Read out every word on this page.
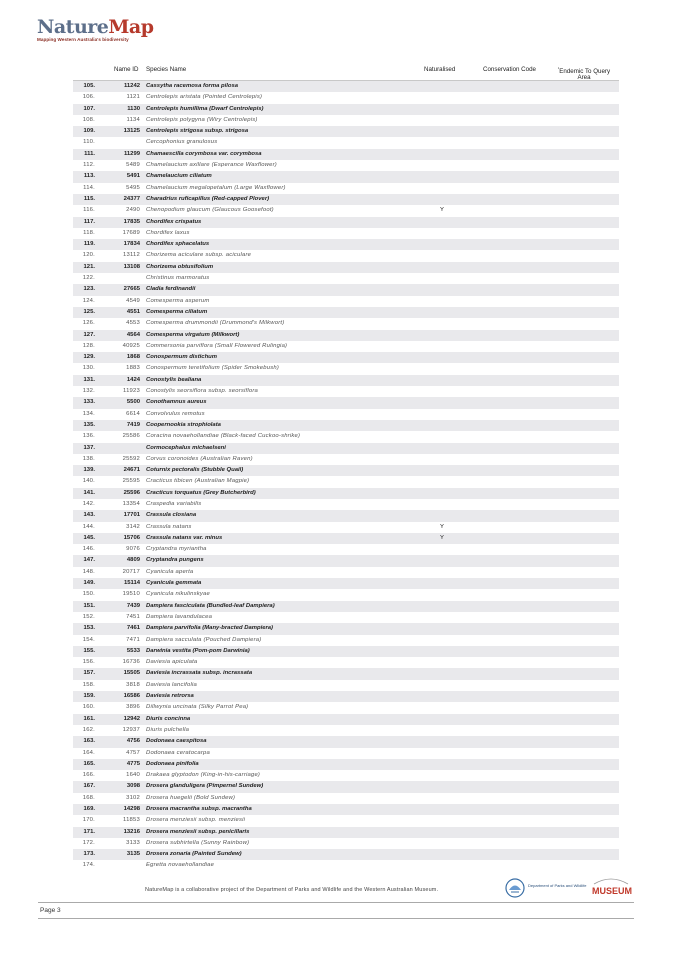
NatureMap
Mapping Western Australia's biodiversity
Name ID Species Name	Naturalised	Conservation Code	$^{^1}$Endemic To Query Area
105.	11242 Cassytha racemosa forma pilosa
106.	1121 Centrolepis aristata (Pointed Centrolepis)
107.	1130 Centrolepis humillima (Dwarf Centrolepis)
108.	1134 Centrolepis polygyna (Wiry Centrolepis)
109.	13125 Centrolepis strigosa subsp. strigosa
110.	Cercophonius granulosus
111.	11299 Chamaescilla corymbosa var. corymbosa
112.	5489 Chamelaucium axillare (Esperance Waxflower)
113.	5491 Chamelaucium ciliatum
114.	5495 Chamelaucium megalopetalum (Large Waxflower)
115.	24377 Charadrius ruficapillus (Red-capped Plover)
116.	2490 Chenopodium glaucum (Glaucous Goosefoot)	Y
117.	17835 Chordifex crispatus
118.	17689 Chordifex laxus
119.	17834 Chordifex sphacelatus
120.	13112 Chorizema aciculare subsp. aciculare
121.	13108 Chorizema obtusifolium
122.	Christinus marmoratus
123.	27665 Cladia ferdinandii
124.	4549 Comesperma asperum
125.	4551 Comesperma ciliatum
126.	4553 Comesperma drummondii (Drummond's Milkwort)
127.	4564 Comesperma virgatum (Milkwort)
128.	40925 Commersonia parviflora (Small Flowered Rulingia)
129.	1868 Conospermum distichum
130.	1883 Conospermum teretifolium (Spider Smokebush)
131.	1424 Conostylis bealiana
132.	11923 Conostylis seorsiflora subsp. seorsiflora
133.	5500 Conothamnus aureus
134.	6614 Convolvulus remotus
135.	7419 Coopernookia strophiolata
136.	25586 Coracina novaehollandiae (Black-faced Cuckoo-shrike)
137.	Cormocephalus michaelseni
138.	25592 Corvus coronoides (Australian Raven)
139.	24671 Coturnix pectoralis (Stubble Quail)
140.	25595 Cracticus tibicen (Australian Magpie)
141.	25596 Cracticus torquatus (Grey Butcherbird)
142.	13354 Craspedia variabilis
143.	17701 Crassula closiana
144.	3142 Crassula natans	Y
145.	15706 Crassula natans var. minus	Y
146.	9076 Cryptandra myriantha
147.	4809 Cryptandra pungens
148.	20717 Cyanicula aperta
149.	15114 Cyanicula gemmata
150.	19510 Cyanicula nikulinskyae
151.	7439 Dampiera fasciculata (Bundled-leaf Dampiera)
152.	7451 Dampiera lavandulacea
153.	7461 Dampiera parvifolia (Many-bracted Dampiera)
154.	7471 Dampiera sacculata (Pouched Dampiera)
155.	5533 Darwinia vestita (Pom-pom Darwinia)
156.	16736 Daviesia apiculata
157.	15505 Daviesia incrassata subsp. incrassata
158.	3818 Daviesia lancifolia
159.	16586 Daviesia retrorsa
160.	3896 Dillwynia uncinata (Silky Parrot Pea)
161.	12942 Diuris concinna
162.	12937 Diuris pulchella
163.	4756 Dodonaea caespitosa
164.	4757 Dodonaea ceratocarpa
165.	4775 Dodonaea pinifolia
166.	1640 Drakaea glyptodon (King-in-his-carriage)
167.	3098 Drosera glanduligera (Pimpernel Sundew)
168.	3102 Drosera huegelii (Bold Sundew)
169.	14298 Drosera macrantha subsp. macrantha
170.	11853 Drosera menziesii subsp. menziesii
171.	13216 Drosera menziesii subsp. penicillaris
172.	3133 Drosera subhirtella (Sunny Rainbow)
173.	3135 Drosera zonaria (Painted Sundew)
174.	Egretta novaehollandiae
NatureMap is a collaborative project of the Department of Parks and Wildlife and the Western Australian Museum.
Department of Parks and Wildlife
MUSEUM
Page 3
